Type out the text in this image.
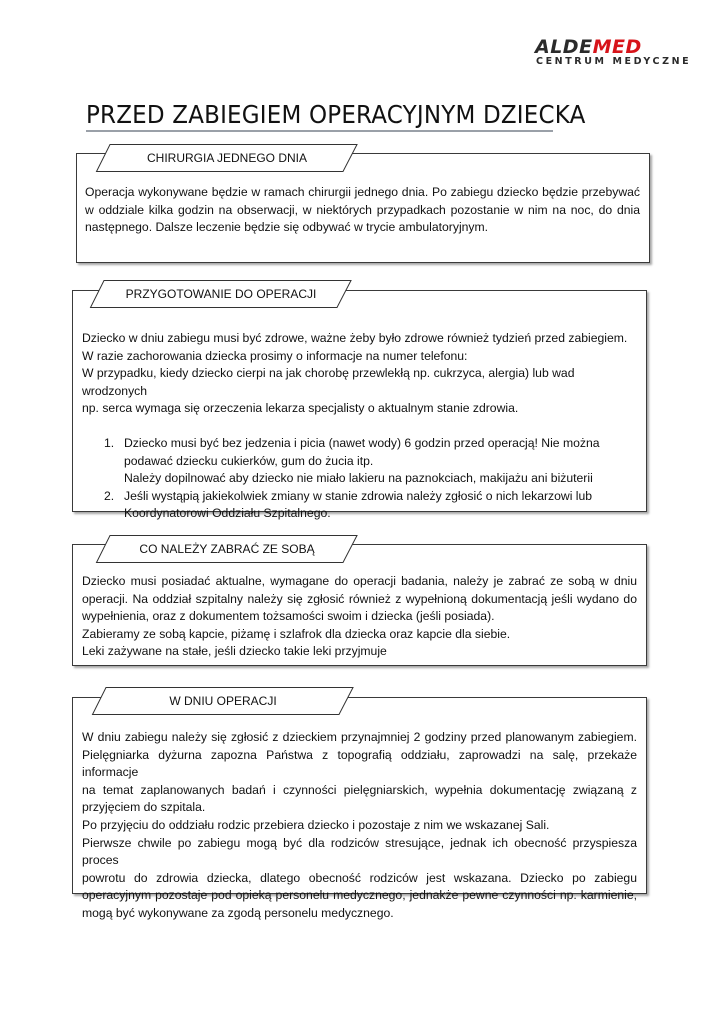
ALDEMED
CENTRUM MEDYCZNE
PRZED ZABIEGIEM OPERACYJNYM DZIECKA
CHIRURGIA JEDNEGO DNIA

Operacja wykonywane będzie w ramach chirurgii jednego dnia. Po zabiegu dziecko będzie przebywać

w oddziale kilka godzin na obserwacji, w niektórych przypadkach pozostanie w nim na noc, do dnia

następnego. Dalsze leczenie będzie się odbywać w trycie ambulatoryjnym.

PRZYGOTOWANIE DO OPERACJI

Dziecko w dniu zabiegu musi być zdrowe, ważne żeby było zdrowe również tydzień przed zabiegiem.

W razie zachorowania dziecka prosimy o informacje na numer telefonu:

W przypadku, kiedy dziecko cierpi na jak chorobę przewlekłą np. cukrzyca, alergia) lub wad wrodzonych

np. serca wymaga się orzeczenia lekarza specjalisty o aktualnym stanie zdrowia.

1. Dziecko musi być bez jedzenia i picia (nawet wody) 6 godzin przed operacją! Nie można

podawać dziecku cukierków, gum do żucia itp.

Należy dopilnować aby dziecko nie miało lakieru na paznokciach, makijażu ani biżuterii

2. Jeśli wystąpią jakiekolwiek zmiany w stanie zdrowia należy zgłosić o nich lekarzowi lub

Koordynatorowi Oddziału Szpitalnego.

CO NALEŻY ZABRAĆ ZE SOBĄ

Dziecko musi posiadać aktualne, wymagane do operacji badania, należy je zabrać ze sobą w dniu

operacji. Na oddział szpitalny należy się zgłosić również z wypełnioną dokumentacją jeśli wydano do

wypełnienia, oraz z dokumentem tożsamości swoim i dziecka (jeśli posiada).

Zabieramy ze sobą kapcie, piżamę i szlafrok dla dziecka oraz kapcie dla siebie.

Leki zażywane na stałe, jeśli dziecko takie leki przyjmuje

W DNIU OPERACJI

W dniu zabiegu należy się zgłosić z dzieckiem przynajmniej 2 godziny przed planowanym zabiegiem.

Pielęgniarka dyżurna zapozna Państwa z topografią oddziału, zaprowadzi na salę, przekaże informacje

na temat zaplanowanych badań i czynności pielęgniarskich, wypełnia dokumentację związaną z

przyjęciem do szpitala.

Po przyjęciu do oddziału rodzic przebiera dziecko i pozostaje z nim we wskazanej Sali.

Pierwsze chwile po zabiegu mogą być dla rodziców stresujące, jednak ich obecność przyspiesza proces

powrotu do zdrowia dziecka, dlatego obecność rodziców jest wskazana. Dziecko po zabiegu

operacyjnym pozostaje pod opieką personelu medycznego, jednakże pewne czynności np. karmienie,

mogą być wykonywane za zgodą personelu medycznego.
